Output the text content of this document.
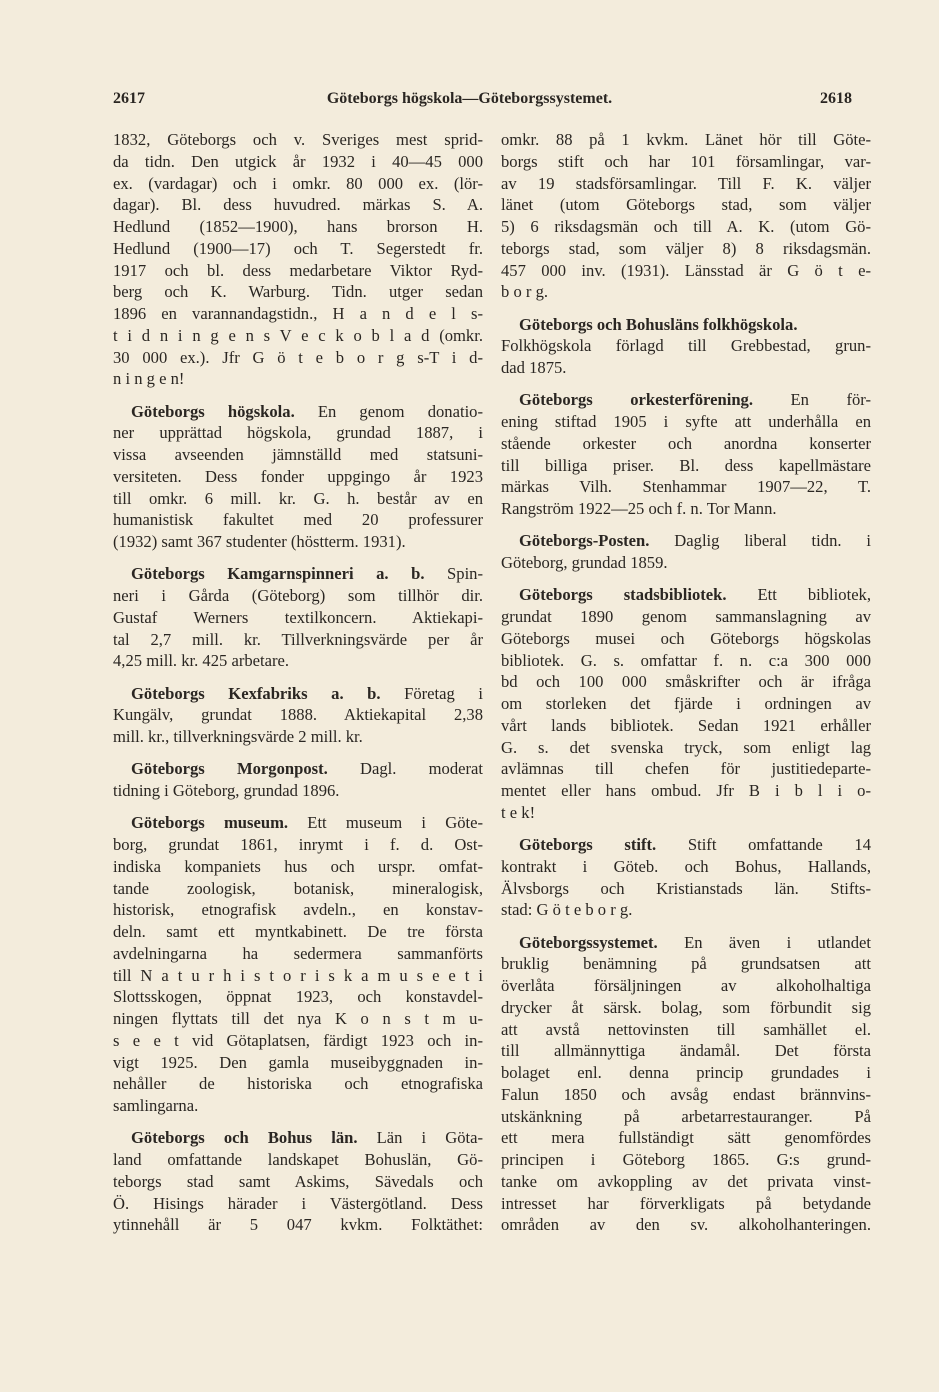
2617	Göteborgs högskola—Göteborgssystemet.	2618
1832, Göteborgs och v. Sveriges mest sprid-
da tidn. Den utgick år 1932 i 40—45 000
ex. (vardagar) och i omkr. 80 000 ex. (lör-
dagar). Bl. dess huvudred. märkas S. A.
Hedlund (1852—1900), hans brorson H.
Hedlund (1900—17) och T. Segerstedt fr.
1917 och bl. dess medarbetare Viktor Ryd-
berg och K. Warburg. Tidn. utger sedan
1896 en varannandagstidn., H a n d e l s-
t i d n i n g e n s V e c k o b l a d (omkr.
30 000 ex.). Jfr G ö t e b o r g s-T i d-
n i n g e n!
Göteborgs högskola. En genom donatio-
ner upprättad högskola, grundad 1887, i
vissa avseenden jämnställd med statsuni-
versiteten. Dess fonder uppgingo år 1923
till omkr. 6 mill. kr. G. h. består av en
humanistisk fakultet med 20 professurer
(1932) samt 367 studenter (höstterm. 1931).
Göteborgs Kamgarnspinneri a. b. Spin-
neri i Gårda (Göteborg) som tillhör dir.
Gustaf Werners textilkoncern. Aktiekapi-
tal 2,7 mill. kr. Tillverkningsvärde per år
4,25 mill. kr. 425 arbetare.
Göteborgs Kexfabriks a. b. Företag i
Kungälv, grundat 1888. Aktiekapital 2,38
mill. kr., tillverkningsvärde 2 mill. kr.
Göteborgs Morgonpost. Dagl. moderat
tidning i Göteborg, grundad 1896.
Göteborgs museum. Ett museum i Göte-
borg, grundat 1861, inrymt i f. d. Ost-
indiska kompaniets hus och urspr. omfat-
tande zoologisk, botanisk, mineralogisk,
historisk, etnografisk avdeln., en konstav-
deln. samt ett myntkabinett. De tre första
avdelningarna ha sedermera sammanförts
till N a t u r h i s t o r i s k a m u s e e t i
Slottsskogen, öppnat 1923, och konstavdel-
ningen flyttats till det nya K o n s t m u-
s e e t vid Götaplatsen, färdigt 1923 och in-
vigt 1925. Den gamla museibyggnaden in-
nehåller de historiska och etnografiska
samlingarna.
Göteborgs och Bohus län. Län i Göta-
land omfattande landskapet Bohuslän, Gö-
teborgs stad samt Askims, Sävedals och
Ö. Hisings härader i Västergötland. Dess
ytinnehåll är 5 047 kvkm. Folktäthet:
omkr. 88 på 1 kvkm. Länet hör till Göte-
borgs stift och har 101 församlingar, var-
av 19 stadsförsamlingar. Till F. K. väljer
länet (utom Göteborgs stad, som väljer
5) 6 riksdagsmän och till A. K. (utom Gö-
teborgs stad, som väljer 8) 8 riksdagsmän.
457 000 inv. (1931). Länsstad är G ö t e-
b o r g.
Göteborgs och Bohusläns folkhögskola.
Folkhögskola förlagd till Grebbestad, grun-
dad 1875.
Göteborgs orkesterförening. En för-
ening stiftad 1905 i syfte att underhålla en
stående orkester och anordna konserter
till billiga priser. Bl. dess kapellmästare
märkas Vilh. Stenhammar 1907—22, T.
Rangström 1922—25 och f. n. Tor Mann.
Göteborgs-Posten. Daglig liberal tidn. i
Göteborg, grundad 1859.
Göteborgs stadsbibliotek. Ett bibliotek,
grundat 1890 genom sammanslagning av
Göteborgs musei och Göteborgs högskolas
bibliotek. G. s. omfattar f. n. c:a 300 000
bd och 100 000 småskrifter och är ifråga
om storleken det fjärde i ordningen av
vårt lands bibliotek. Sedan 1921 erhåller
G. s. det svenska tryck, som enligt lag
avlämnas till chefen för justitiedeparte-
mentet eller hans ombud. Jfr B i b l i o-
t e k!
Göteborgs stift. Stift omfattande 14
kontrakt i Göteb. och Bohus, Hallands,
Älvsborgs och Kristianstads län. Stifts-
stad: G ö t e b o r g.
Göteborgssystemet. En även i utlandet
bruklig benämning på grundsatsen att
överlåta försäljningen av alkoholhaltiga
drycker åt särsk. bolag, som förbundit sig
att avstå nettovinsten till samhället el.
till allmännyttiga ändamål. Det första
bolaget enl. denna princip grundades i
Falun 1850 och avsåg endast brännvins-
utskänkning på arbetarrestauranger. På
ett mera fullständigt sätt genomfördes
principen i Göteborg 1865. G:s grund-
tanke om avkoppling av det privata vinst-
intresset har förverkligats på betydande
områden av den sv. alkoholhanteringen.
